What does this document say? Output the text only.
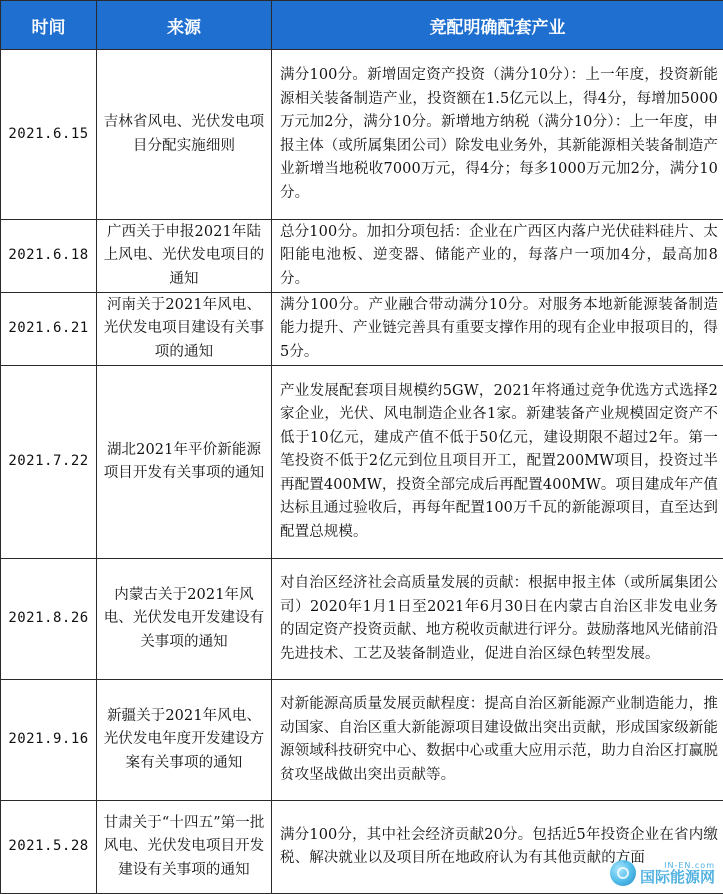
时间	来源	竞配明确配套产业
2021.6.15	吉林省风电、光伏发电项目分配实施细则	满分100分。新增固定资产投资（满分10分）：上一年度，投资新能源相关装备制造产业，投资额在1.5亿元以上，得4分，每增加5000万元加2分，满分10分。新增地方纳税（满分10分）：上一年度，申报主体（或所属集团公司）除发电业务外，其新能源相关装备制造产业新增当地税收7000万元，得4分；每多1000万元加2分，满分10分。
2021.6.18	广西关于申报2021年陆上风电、光伏发电项目的通知	总分100分。加扣分项包括：企业在广西区内落户光伏硅料硅片、太阳能电池板、逆变器、储能产业的，每落户一项加4分，最高加8分。
2021.6.21	河南关于2021年风电、光伏发电项目建设有关事项的通知	满分100分。产业融合带动满分10分。对服务本地新能源装备制造能力提升、产业链完善具有重要支撑作用的现有企业申报项目的，得5分。
2021.7.22	湖北2021年平价新能源项目开发有关事项的通知	产业发展配套项目规模约5GW，2021年将通过竞争优选方式选择2家企业，光伏、风电制造企业各1家。新建装备产业规模固定资产不低于10亿元，建成产值不低于50亿元，建设期限不超过2年。第一笔投资不低于2亿元到位且项目开工，配置200MW项目，投资过半再配置400MW，投资全部完成后再配置400MW。项目建成年产值达标且通过验收后，再每年配置100万千瓦的新能源项目，直至达到配置总规模。
2021.8.26	内蒙古关于2021年风电、光伏发电开发建设有关事项的通知	对自治区经济社会高质量发展的贡献：根据申报主体（或所属集团公司）2020年1月1日至2021年6月30日在内蒙古自治区非发电业务的固定资产投资贡献、地方税收贡献进行评分。鼓励落地风光储前沿先进技术、工艺及装备制造业，促进自治区绿色转型发展。
2021.9.16	新疆关于2021年风电、光伏发电年度开发建设方案有关事项的通知	对新能源高质量发展贡献程度：提高自治区新能源产业制造能力，推动国家、自治区重大新能源项目建设做出突出贡献，形成国家级新能源领域科技研究中心、数据中心或重大应用示范，助力自治区打赢脱贫攻坚战做出突出贡献等。
2021.5.28	甘肃关于“十四五”第一批风电、光伏发电项目开发建设有关事项的通知	满分100分，其中社会经济贡献20分。包括近5年投资企业在省内缴税、解决就业以及项目所在地政府认为有其他贡献的方面
IN-EN.com
国际能源网
